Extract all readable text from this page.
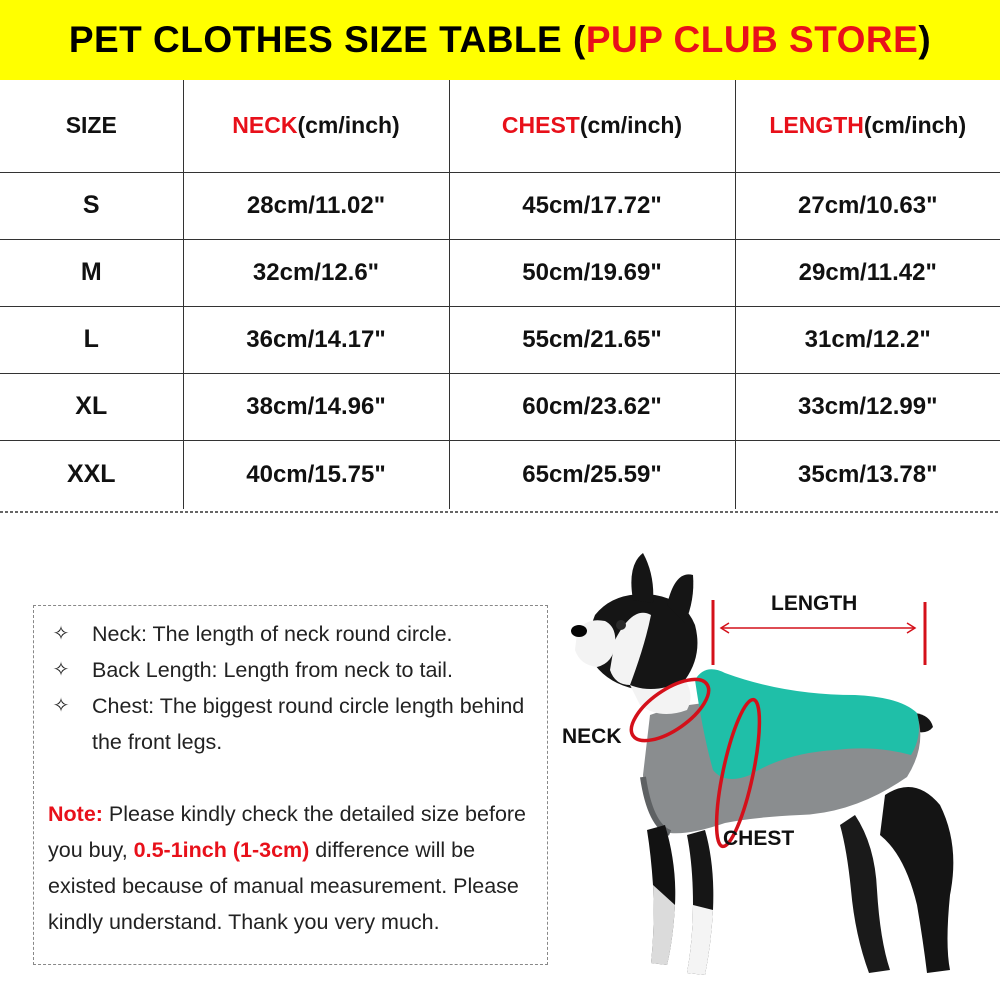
PET CLOTHES SIZE TABLE ( PUP CLUB STORE )
SIZE	NECK(cm/inch)	CHEST(cm/inch)	LENGTH(cm/inch)
S	28cm/11.02"	45cm/17.72"	27cm/10.63"
M	32cm/12.6"	50cm/19.69"	29cm/11.42"
L	36cm/14.17"	55cm/21.65"	31cm/12.2"
XL	38cm/14.96"	60cm/23.62"	33cm/12.99"
XXL	40cm/15.75"	65cm/25.59"	35cm/13.78"
✧ Neck: The length of neck round circle.
✧ Back Length: Length from neck to tail.
✧ Chest: The biggest round circle length behind the front legs.

Note: Please kindly check the detailed size before you buy, 0.5-1inch (1-3cm) difference will be existed because of manual measurement. Please kindly understand. Thank you very much.

LENGTH
NECK
CHEST
